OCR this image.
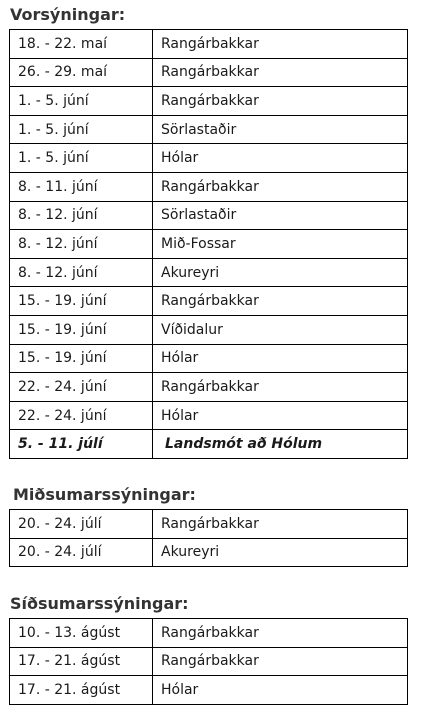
Vorsýningar:
18. - 22. maí	Rangárbakkar
26. - 29. maí	Rangárbakkar
1. - 5. júní	Rangárbakkar
1. - 5. júní	Sörlastaðir
1. - 5. júní	Hólar
8. - 11. júní	Rangárbakkar
8. - 12. júní	Sörlastaðir
8. - 12. júní	Mið-Fossar
8. - 12. júní	Akureyri
15. - 19. júní	Rangárbakkar
15. - 19. júní	Víðidalur
15. - 19. júní	Hólar
22. - 24. júní	Rangárbakkar
22. - 24. júní	Hólar
5. - 11. júlí	Landsmót að Hólum
Miðsumarssýningar:
20. - 24. júlí	Rangárbakkar
20. - 24. júlí	Akureyri
Síðsumarssýningar:
10. - 13. ágúst	Rangárbakkar
17. - 21. ágúst	Rangárbakkar
17. - 21. ágúst	Hólar
